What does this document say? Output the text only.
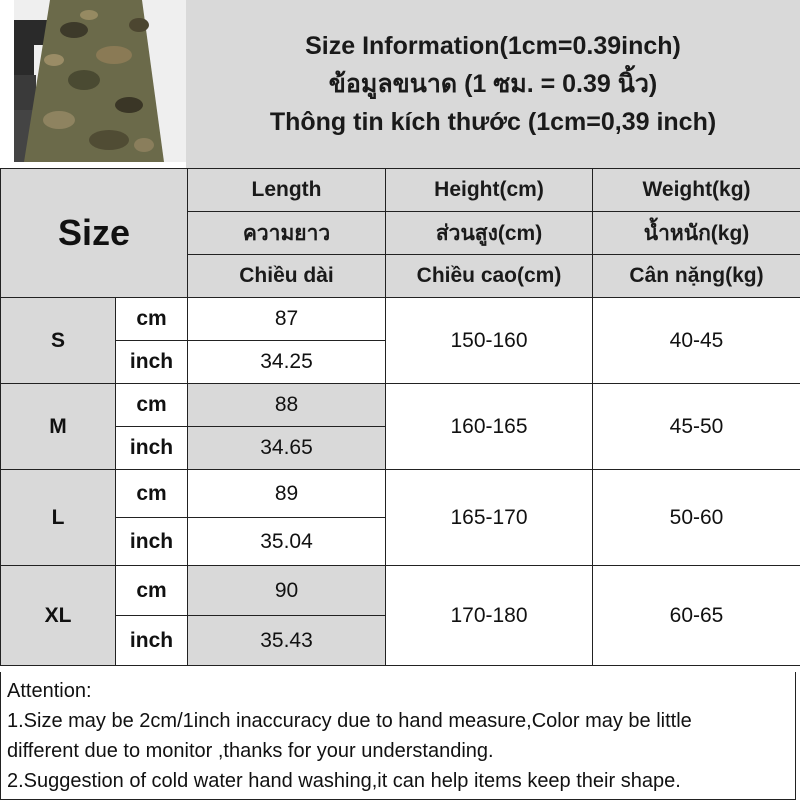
Size Information(1cm=0.39inch)
ข้อมูลขนาด (1 ซม. = 0.39 นิ้ว)
Thông tin kích thước (1cm=0,39 inch)
Size		Length	Height(cm)	Weight(kg)
		ความยาว	ส่วนสูง(cm)	น้ำหนัก(kg)
		Chiều dài	Chiều cao(cm)	Cân nặng(kg)
S	cm	87	150-160	40-45
	inch	34.25		
M	cm	88	160-165	45-50
	inch	34.65		
L	cm	89	165-170	50-60
	inch	35.04		
XL	cm	90	170-180	60-65
	inch	35.43		
Attention:
1.Size may be 2cm/1inch inaccuracy due to hand measure,Color may be little
different due to monitor ,thanks for your understanding.
2.Suggestion of cold water hand washing,it can help items keep their shape.
